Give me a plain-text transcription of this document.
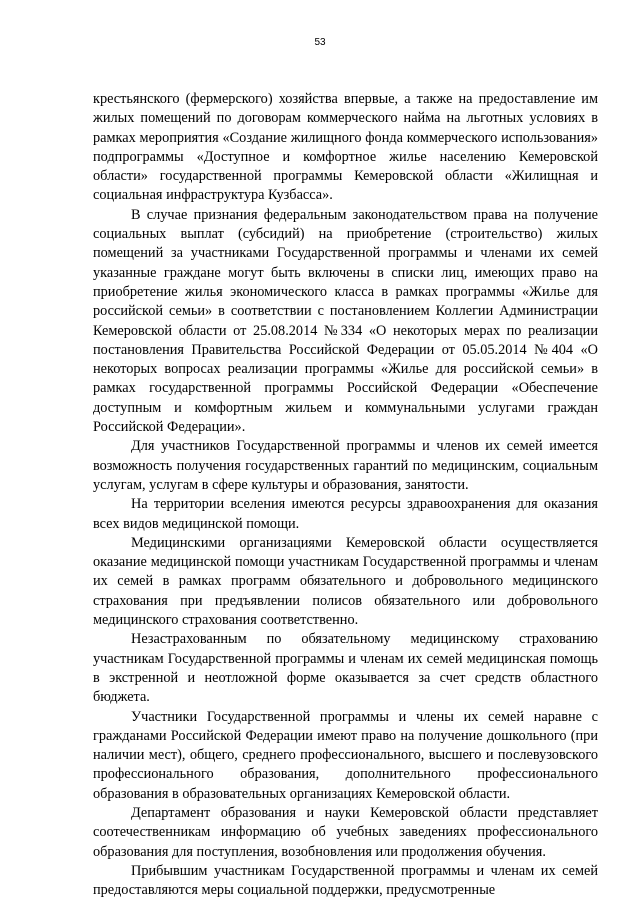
53

крестьянского (фермерского) хозяйства впервые, а также на предоставление им жилых помещений по договорам коммерческого найма на льготных условиях в рамках мероприятия «Создание жилищного фонда коммерческого использования» подпрограммы «Доступное и комфортное жилье населению Кемеровской области» государственной программы Кемеровской области «Жилищная и социальная инфраструктура Кузбасса».

В случае признания федеральным законодательством права на получение социальных выплат (субсидий) на приобретение (строительство) жилых помещений за участниками Государственной программы и членами их семей указанные граждане могут быть включены в списки лиц, имеющих право на приобретение жилья экономического класса в рамках программы «Жилье для российской семьи» в соответствии с постановлением Коллегии Администрации Кемеровской области от 25.08.2014 №334 «О некоторых мерах по реализации постановления Правительства Российской Федерации от 05.05.2014 №404 «О некоторых вопросах реализации программы «Жилье для российской семьи» в рамках государственной программы Российской Федерации «Обеспечение доступным и комфортным жильем и коммунальными услугами граждан Российской Федерации».

Для участников Государственной программы и членов их семей имеется возможность получения государственных гарантий по медицинским, социальным услугам, услугам в сфере культуры и образования, занятости.

На территории вселения имеются ресурсы здравоохранения для оказания всех видов медицинской помощи.

Медицинскими организациями Кемеровской области осуществляется оказание медицинской помощи участникам Государственной программы и членам их семей в рамках программ обязательного и добровольного медицинского страхования при предъявлении полисов обязательного или добровольного медицинского страхования соответственно.

Незастрахованным по обязательному медицинскому страхованию участникам Государственной программы и членам их семей медицинская помощь в экстренной и неотложной форме оказывается за счет средств областного бюджета.

Участники Государственной программы и члены их семей наравне с гражданами Российской Федерации имеют право на получение дошкольного (при наличии мест), общего, среднего профессионального, высшего и послевузовского профессионального образования, дополнительного профессионального образования в образовательных организациях Кемеровской области.

Департамент образования и науки Кемеровской области представляет соотечественникам информацию об учебных заведениях профессионального образования для поступления, возобновления или продолжения обучения.

Прибывшим участникам Государственной программы и членам их семей предоставляются меры социальной поддержки, предусмотренные
